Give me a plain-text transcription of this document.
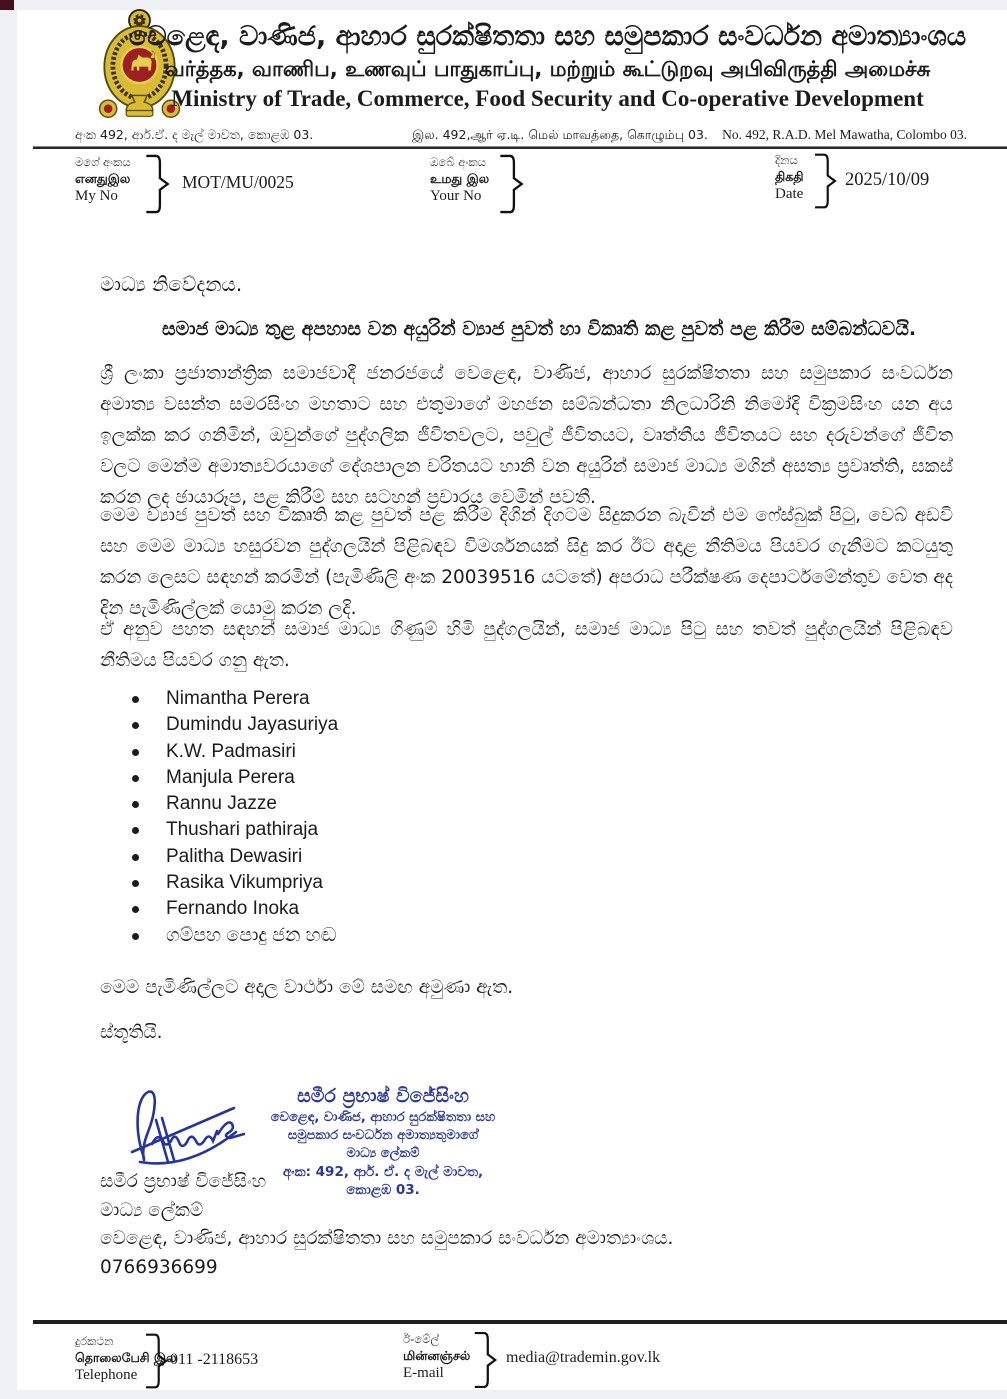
වෙළෙඳ, වාණිජ, ආහාර සුරක්ෂිතතා සහ සමුපකාර සංවර්ධන අමාත්‍යාංශය
வர்த்தக, வாணிப, உணவுப் பாதுகாப்பு, மற்றும் கூட்டுறவு அபிவிருத்தி அமைச்சு
Ministry of Trade, Commerce, Food Security and Co-operative Development
අංක 492, ආර්.ඒ. ද මැල් මාවත, කොළඹ 03.	இல. 492,ஆர் ஏ.டி. மெல் மாவத்தை, கொழும்பு 03. No. 492, R.A.D. Mel Mawatha, Colombo 03.
මගේ අංකය
எனதுஇல
My No
MOT/MU/0025
ඔබේ අංකය
உமது இல
Your No
දිනය
திகதி
Date
2025/10/09
මාධ්‍ය නිවේදනය.
සමාජ මාධ්‍ය තුළ අපහාස වන අයුරින් ව්‍යාජ පුවත් හා විකෘති කළ පුවත් පළ කිරීම සම්බන්ධවයි.

ශ්‍රී ලංකා ප්‍රජාතාන්ත්‍රික සමාජවාදී ජනරජයේ වෙළෙඳ, වාණිජ, ආහාර සුරක්ෂිතතා සහ සමුපකාර සංවර්ධන අමාත්‍ය වසන්ත සමරසිංහ මහතාට සහ එතුමාගේ මහජන සම්බන්ධතා නිලධාරිනි නිමෝදි වික්‍රමසිංහ යන අය ඉලක්ක කර ගනිමින්, ඔවුන්ගේ පුද්ගලික ජීවිතවලට, පවුල් ජීවිතයට, වෘත්තීය ජීවිතයට සහ දරුවන්ගේ ජීවිත වලට මෙන්ම අමාත්‍යවරයාගේ දේශපාලන චරිතයට හානි වන අයුරින් සමාජ මාධ්‍ය මගින් අසත්‍ය ප්‍රවෘත්ති, සකස් කරන ලද ඡායාරූප, පළ කිරීම් සහ සටහන් ප්‍රචාරය වෙමින් පවතී.

මෙම ව්‍යාජ පුවත් සහ විකෘති කළ පුවත් පළ කිරීම දිගින් දිගටම සිදුකරන බැවින් එම ෆේස්බුක් පිටු, වෙබ් අඩවි සහ මෙම මාධ්‍ය හසුරවන පුද්ගලයින් පිළිබඳව විමර්ශනයක් සිදු කර ඊට අදාළ නීතිමය පියවර ගැනීමට කටයුතු කරන ලෙසට සඳහන් කරමින් (පැමිණිලි අංක 20039516 යටතේ) අපරාධ පරීක්ෂණ දෙපාර්ටමේන්තුව වෙත අද දින පැමිණිල්ලක් යොමු කරන ලදි.

ඒ අනුව පහත සඳහන් සමාජ මාධ්‍ය ගිණුම් හිමි පුද්ගලයින්, සමාජ මාධ්‍ය පිටු සහ තවත් පුද්ගලයින් පිළිබඳව නීතිමය පියවර ගනු ඇත.

Nimantha Perera
Dumindu Jayasuriya
K.W. Padmasiri
Manjula Perera
Rannu Jazze
Thushari pathiraja
Palitha Dewasiri
Rasika Vikumpriya
Fernando Inoka
ගම්පහ පොදු ජන හඬ
මෙම පැමිණිල්ලට අදාල වාර්ථා මේ සමඟ අමුණා ඇත.
ස්තූතියි.
සමීර ප්‍රභාෂ් විජේසිංහ
වෙළෙඳ, වාණිජ, ආහාර සුරක්ෂිතතා සහ
සමුපකාර සංවර්ධන අමාත්‍යතුමාගේ
මාධ්‍ය ලේකම්
අංක: 492, ආර්. ඒ. ද මැල් මාවත,
කොළඹ 03.
සමීර ප්‍රභාෂ් විජේසිංහ
මාධ්‍ය ලේකම්
වෙළෙඳ, වාණිජ, ආහාර සුරක්ෂිතතා සහ සමුපකාර සංවර්ධන අමාත්‍යාංශය.
0766936699
දුරකථන
தொலைபேசி இல
Telephone
011 -2118653
ඊ-මේල්
மின்னஞ்சல்
E-mail
media@trademin.gov.lk
